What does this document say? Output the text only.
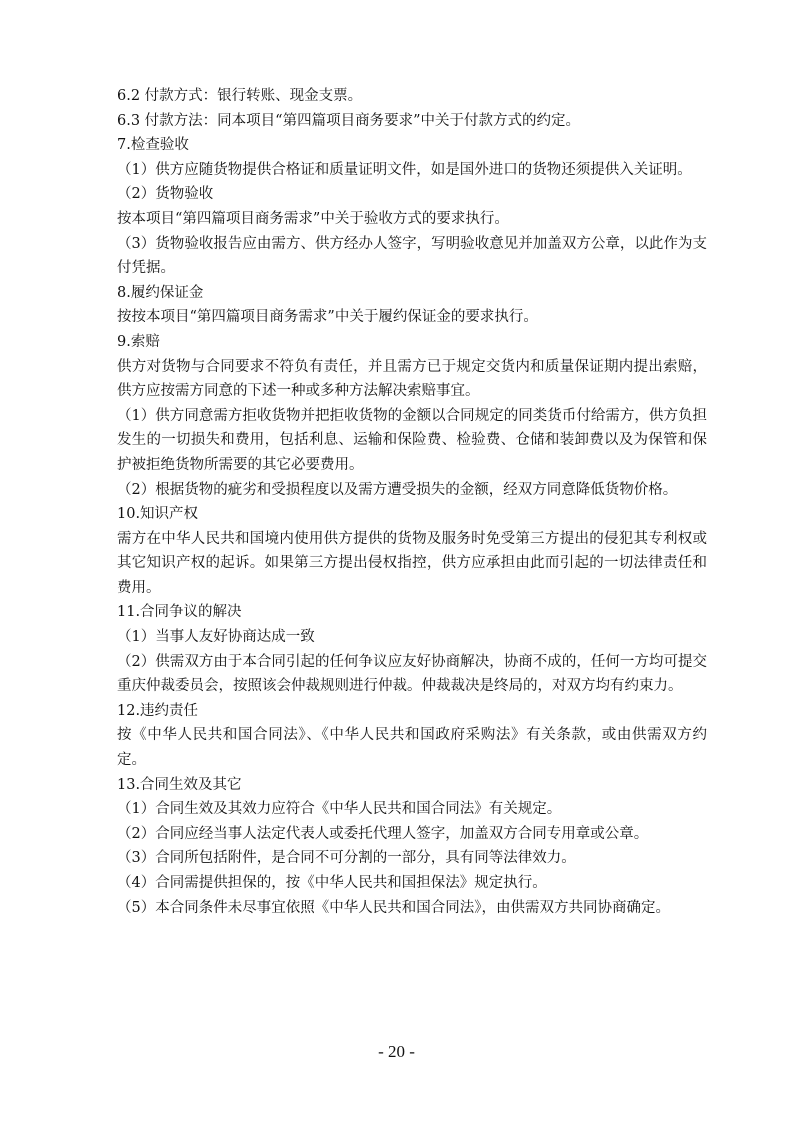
6.2 付款方式：银行转账、现金支票。

6.3 付款方法：同本项目“第四篇项目商务要求”中关于付款方式的约定。

7.检查验收

（1）供方应随货物提供合格证和质量证明文件，如是国外进口的货物还须提供入关证明。

（2）货物验收

按本项目“第四篇项目商务需求”中关于验收方式的要求执行。

（3）货物验收报告应由需方、供方经办人签字，写明验收意见并加盖双方公章，以此作为支付凭据。

8.履约保证金

按按本项目“第四篇项目商务需求”中关于履约保证金的要求执行。

9.索赔

供方对货物与合同要求不符负有责任，并且需方已于规定交货内和质量保证期内提出索赔，供方应按需方同意的下述一种或多种方法解决索赔事宜。

（1）供方同意需方拒收货物并把拒收货物的金额以合同规定的同类货币付给需方，供方负担发生的一切损失和费用，包括利息、运输和保险费、检验费、仓储和装卸费以及为保管和保护被拒绝货物所需要的其它必要费用。

（2）根据货物的疵劣和受损程度以及需方遭受损失的金额，经双方同意降低货物价格。

10.知识产权

需方在中华人民共和国境内使用供方提供的货物及服务时免受第三方提出的侵犯其专利权或其它知识产权的起诉。如果第三方提出侵权指控，供方应承担由此而引起的一切法律责任和费用。

11.合同争议的解决

（1）当事人友好协商达成一致

（2）供需双方由于本合同引起的任何争议应友好协商解决，协商不成的，任何一方均可提交重庆仲裁委员会，按照该会仲裁规则进行仲裁。仲裁裁决是终局的，对双方均有约束力。

12.违约责任

按《中华人民共和国合同法》、《中华人民共和国政府采购法》有关条款，或由供需双方约定。

13.合同生效及其它

（1）合同生效及其效力应符合《中华人民共和国合同法》有关规定。

（2）合同应经当事人法定代表人或委托代理人签字，加盖双方合同专用章或公章。

（3）合同所包括附件，是合同不可分割的一部分，具有同等法律效力。

（4）合同需提供担保的，按《中华人民共和国担保法》规定执行。

（5）本合同条件未尽事宜依照《中华人民共和国合同法》，由供需双方共同协商确定。

- 20 -
